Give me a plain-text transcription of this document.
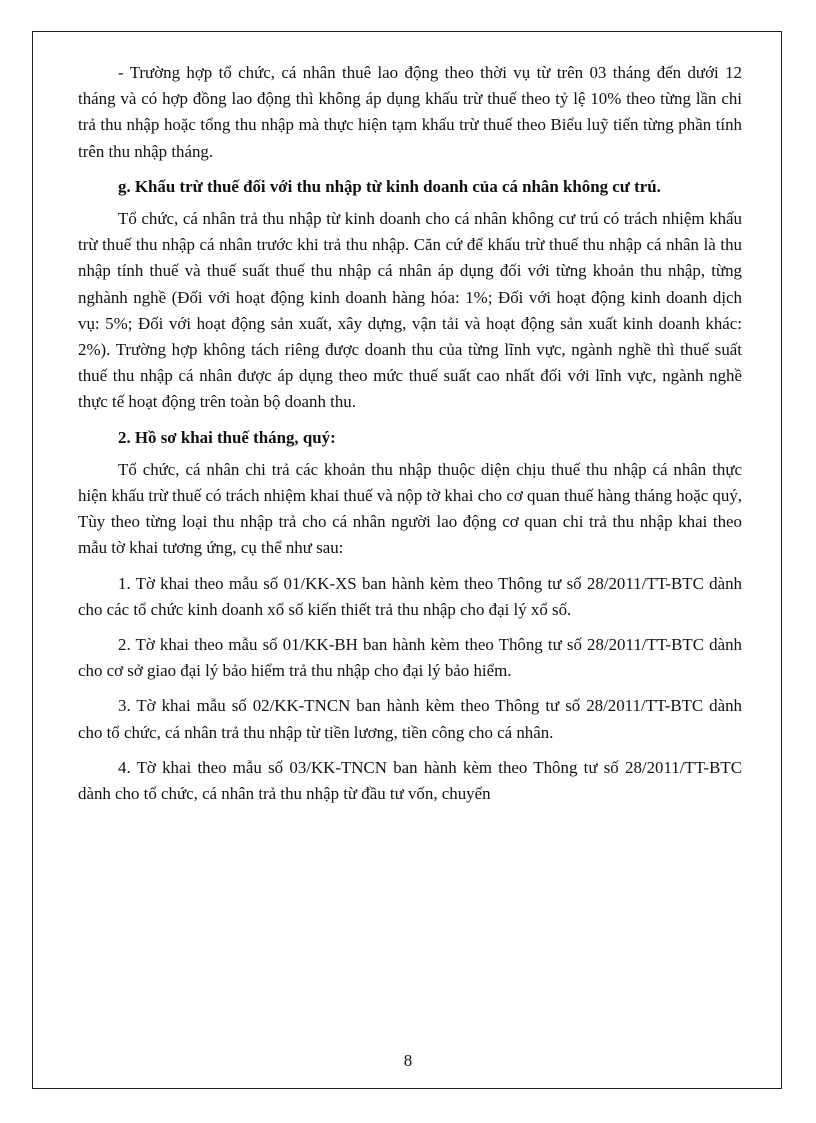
- Trường hợp tổ chức, cá nhân thuê lao động theo thời vụ từ trên 03 tháng đến dưới 12 tháng và có hợp đồng lao động thì không áp dụng khấu trừ thuế theo tỷ lệ 10% theo từng lần chi trả thu nhập hoặc tổng thu nhập mà thực hiện tạm khấu trừ thuế theo Biểu luỹ tiến từng phần tính trên thu nhập tháng.

g. Khấu trừ thuế đối với thu nhập từ kinh doanh của cá nhân không cư trú.

Tổ chức, cá nhân trả thu nhập từ kinh doanh cho cá nhân không cư trú có trách nhiệm khấu trừ thuế thu nhập cá nhân trước khi trả thu nhập. Căn cứ để khấu trừ thuế thu nhập cá nhân là thu nhập tính thuế và thuế suất thuế thu nhập cá nhân áp dụng đối với từng khoản thu nhập, từng nghành nghề (Đối với hoạt động kinh doanh hàng hóa: 1%; Đối với hoạt động kinh doanh dịch vụ: 5%; Đối với hoạt động sản xuất, xây dựng, vận tải và hoạt động sản xuất kinh doanh khác: 2%). Trường hợp không tách riêng được doanh thu của từng lĩnh vực, ngành nghề thì thuế suất thuế thu nhập cá nhân được áp dụng theo mức thuế suất cao nhất đối với lĩnh vực, ngành nghề thực tế hoạt động trên toàn bộ doanh thu.

2. Hồ sơ khai thuế tháng, quý:

Tổ chức, cá nhân chi trả các khoản thu nhập thuộc diện chịu thuế thu nhập cá nhân thực hiện khấu trừ thuế có trách nhiệm khai thuế và nộp tờ khai cho cơ quan thuế hàng tháng hoặc quý, Tùy theo từng loại thu nhập trả cho cá nhân người lao động cơ quan chi trả thu nhập khai theo mẫu tờ khai tương ứng, cụ thể như sau:

1. Tờ khai theo mẫu số 01/KK-XS ban hành kèm theo Thông tư số 28/2011/TT-BTC dành cho các tổ chức kinh doanh xổ số kiến thiết trả thu nhập cho đại lý xổ số.

2. Tờ khai theo mẫu số 01/KK-BH ban hành kèm theo Thông tư số 28/2011/TT-BTC dành cho cơ sở giao đại lý bảo hiểm trả thu nhập cho đại lý bảo hiểm.

3. Tờ khai mẫu số 02/KK-TNCN ban hành kèm theo Thông tư số 28/2011/TT-BTC dành cho tổ chức, cá nhân trả thu nhập từ tiền lương, tiền công cho cá nhân.

4. Tờ khai theo mẫu số 03/KK-TNCN ban hành kèm theo Thông tư số 28/2011/TT-BTC dành cho tổ chức, cá nhân trả thu nhập từ đầu tư vốn, chuyển

8
